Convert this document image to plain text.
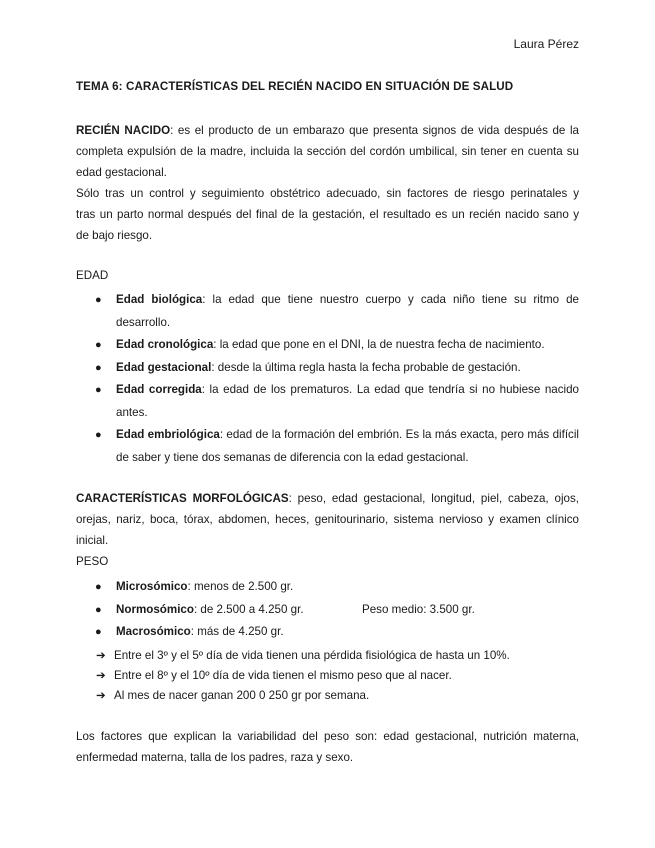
Laura Pérez
TEMA 6: CARACTERÍSTICAS DEL RECIÉN NACIDO EN SITUACIÓN DE SALUD
RECIÉN NACIDO: es el producto de un embarazo que presenta signos de vida después de la
completa expulsión de la madre, incluida la sección del cordón umbilical, sin tener en cuenta su
edad gestacional.
Sólo tras un control y seguimiento obstétrico adecuado, sin factores de riesgo perinatales y
tras un parto normal después del final de la gestación, el resultado es un recién nacido sano y
de bajo riesgo.
EDAD
● Edad biológica: la edad que tiene nuestro cuerpo y cada niño tiene su ritmo de
desarrollo.
● Edad cronológica: la edad que pone en el DNI, la de nuestra fecha de nacimiento.
● Edad gestacional: desde la última regla hasta la fecha probable de gestación.
● Edad corregida: la edad de los prematuros. La edad que tendría si no hubiese nacido
antes.
● Edad embriológica: edad de la formación del embrión. Es la más exacta, pero más difícil
de saber y tiene dos semanas de diferencia con la edad gestacional.
CARACTERÍSTICAS MORFOLÓGICAS: peso, edad gestacional, longitud, piel, cabeza, ojos,
orejas, nariz, boca, tórax, abdomen, heces, genitourinario, sistema nervioso y examen clínico
inicial.
PESO
● Microsómico: menos de 2.500 gr.
● Normosómico: de 2.500 a 4.250 gr.	Peso medio: 3.500 gr.
● Macrosómico: más de 4.250 gr.
➔ Entre el 3º y el 5º día de vida tienen una pérdida fisiológica de hasta un 10%.
➔ Entre el 8º y el 10º día de vida tienen el mismo peso que al nacer.
➔ Al mes de nacer ganan 200 0 250 gr por semana.
Los factores que explican la variabilidad del peso son: edad gestacional, nutrición materna,
enfermedad materna, talla de los padres, raza y sexo.
